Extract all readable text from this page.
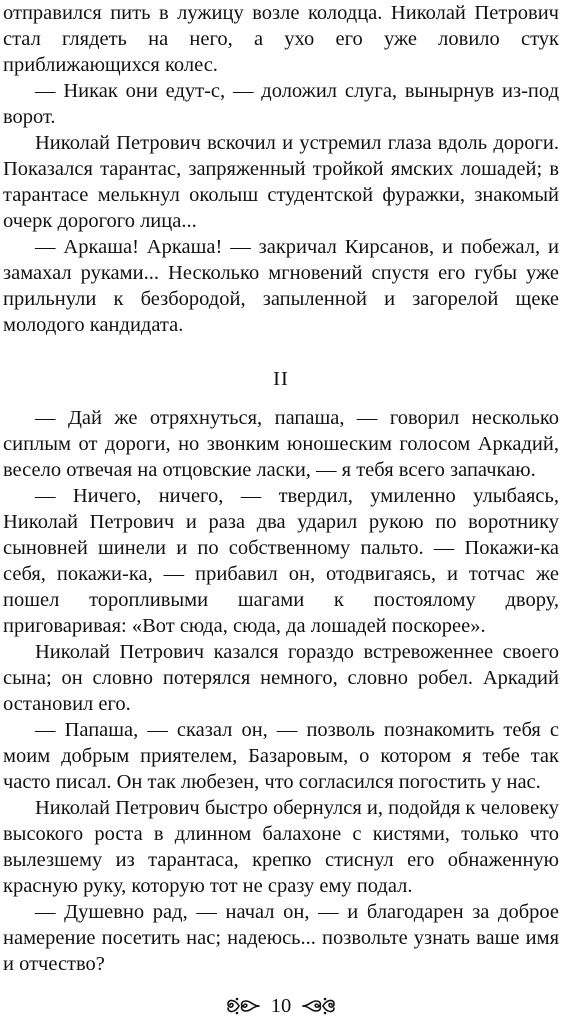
отправился пить в лужицу возле колодца. Николай Петрович стал глядеть на него, а ухо его уже ловило стук приближающихся колес.

— Никак они едут-с, — доложил слуга, вынырнув из-под ворот.

Николай Петрович вскочил и устремил глаза вдоль дороги. Показался тарантас, запряженный тройкой ямских лошадей; в тарантасе мелькнул околыш студентской фуражки, знакомый очерк дорогого лица...

— Аркаша! Аркаша! — закричал Кирсанов, и побежал, и замахал руками... Несколько мгновений спустя его губы уже прильнули к безбородой, запыленной и загорелой щеке молодого кандидата.

II

— Дай же отряхнуться, папаша, — говорил несколько сиплым от дороги, но звонким юношеским голосом Аркадий, весело отвечая на отцовские ласки, — я тебя всего запачкаю.

— Ничего, ничего, — твердил, умиленно улыбаясь, Николай Петрович и раза два ударил рукою по воротнику сыновней шинели и по собственному пальто. — Покажи-ка себя, покажи-ка, — прибавил он, отодвигаясь, и тотчас же пошел торопливыми шагами к постоялому двору, приговаривая: «Вот сюда, сюда, да лошадей поскорее».

Николай Петрович казался гораздо встревоженнее своего сына; он словно потерялся немного, словно робел. Аркадий остановил его.

— Папаша, — сказал он, — позволь познакомить тебя с моим добрым приятелем, Базаровым, о котором я тебе так часто писал. Он так любезен, что согласился погостить у нас.

Николай Петрович быстро обернулся и, подойдя к человеку высокого роста в длинном балахоне с кистями, только что вылезшему из тарантаса, крепко стиснул его обнаженную красную руку, которую тот не сразу ему подал.

— Душевно рад, — начал он, — и благодарен за доброе намерение посетить нас; надеюсь... позвольте узнать ваше имя и отчество?

10
